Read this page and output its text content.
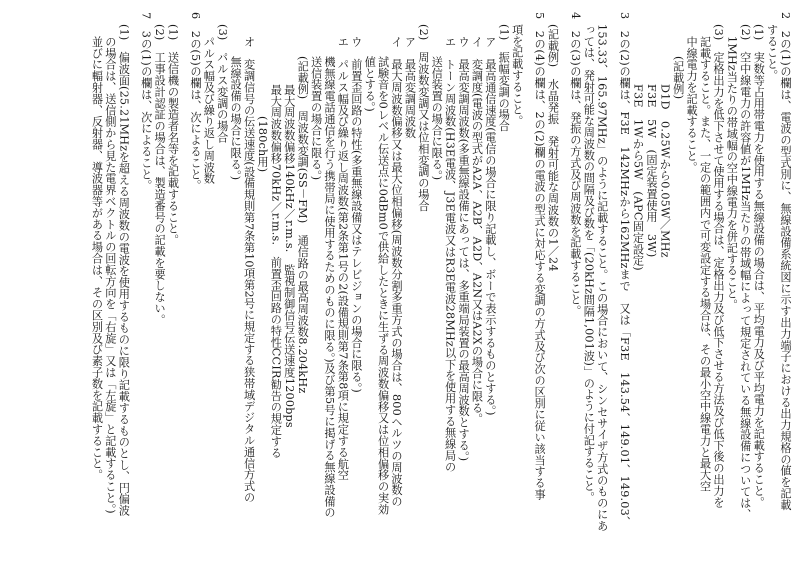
2　2の(1)の欄は、電波の型式別に、無線設備系統図に示す出力端子における出力規格の値を記載
すること。
(1)　実数等占用帯電力を使用する無線設備の場合は、平均電力及び平均電力を記載すること。
(2)　空中線電力の許容値が1MHz当たりの帯域幅によって規定されている無線設備については、
1MHz当たりの帯域幅の空中線電力を併記すること。
(3)　定格出力を低下させて使用する場合は、定格出力及び低下させる方法及び低下後の出力を
記載すること。また、一定の範囲内で可変設定する場合は、その最小空中線電力と最大空
中線電力を記載すること。
(記載例)
D1D　0.25Wから0.05W／MHz
F3E　5W　(固定装置使用　3W)
F3E　1Wから5W　(APC固定設定)
3　2の(2)の欄は、F3E　142MHzから162MHzまで　又は「F3E　143.54、149.01、149.03、
153.33、165.97MHz」のように記載すること。この場合において、シンセサイザ方式のものにあ
っては、発射可能な周波数の間隔及び数を「(20kHz間隔1,001波)」のように付記すること。
4　2の(3)の欄は、発振の方式及び周波数を記載すること。
(記載例)　水晶発振　発射可能な周波数の1／24
5　2の(4)の欄は、2の(2)欄の電波の型式に対応する変調の方式及び次の区別に従い該当する事
項を記載すること。
(1)　振幅変調の場合
ア　最高通信速度(電信の場合に限り記載し、ボーで表示するものとする。)
イ　変調度(電波の型式がA2A、A2B、A2D、A2N又はA2Xの場合に限る。
ウ　最高変調周波数(多重無線設備にあっては、多重端局装置の最高周波数とする。)
エ　トーン周波数(H3E電波、J3E電波又はR3E電波28MHz以下を使用する無線局の
送信装置の場合に限る。)
(2)　周波数変調又は位相変調の場合
ア　最高変調周波数
イ　最大周波数偏移又は最大位相偏移(周波数分割多重方式の場合は、800ヘルツの周波数の
試験音を0レベル伝送点に0dBm0で供給したときに生ずる周波数偏移又は位相偏移の実効
値とする。)
ウ　前置歪回路の特性(多重無線設備又はテレビジョンの場合に限る。)
エ　パルス幅及び繰り返し周波数(第2条第1号の2(設備規則第7条第8項に規定する航空
機無線電話通信を行う携帯局に使用するためのものに限る。)及び第5号に掲げる無線設備の
送信装置の場合に限る。)
(記載例)　周波数変調(SS－FM)　通信路の最高周波数8.204kHz
最大周波数偏移140kHz／r.m.s.　監視制御信号伝送速度1200bps
最大周波数偏移70kHz／r.m.s.　前置歪回路の特性CCIR勧告の規定する
(180ch用)
オ　変調信号の伝送速度(設備規則第7条第10項第2号に規定する狭帯域デジタル通信方式の
無線設備の場合に限る。)
(3)　パルス変調の場合
パルス幅及び繰り返し周波数
6　2の(5)の欄は、次によること。
(1)　送信機の製造者名等を記載すること。
(2)　工事設計認証の場合は、製造番号の記載を要しない。
7　3の(1)の欄は、次によること。
(1)　偏波面(25.21MHzを超える周波数の電波を使用するものに限り記載するものとし、円偏波
の場合は、送信側から見た電界ベクトルの回転方向を「右旋」又は「左旋」と記載すること。)
並びに輻射器、反射器、導波器等がある場合は、その区別及び素子数を記載すること。
